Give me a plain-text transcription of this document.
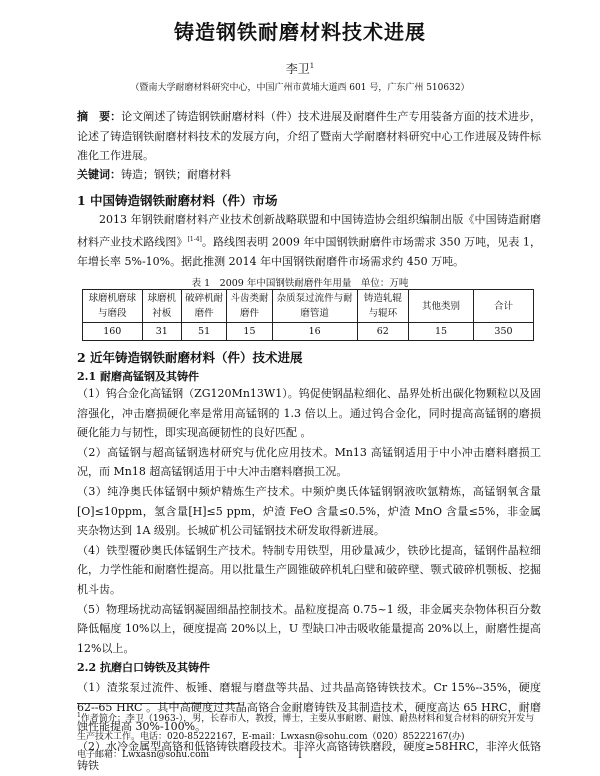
铸造钢铁耐磨材料技术进展
李卫$^1$
（暨南大学耐磨材料研究中心，中国广州市黄埔大道西 601 号，广东广州 510632）
摘　要：论文阐述了铸造钢铁耐磨材料（件）技术进展及耐磨件生产专用装备方面的技术进步，论述了铸造钢铁耐磨材料技术的发展方向，介绍了暨南大学耐磨材料研究中心工作进展及铸件标准化工作进展。
关键词：铸造；钢铁；耐磨材料
1 中国铸造钢铁耐磨材料（件）市场
2013 年钢铁耐磨材料产业技术创新战略联盟和中国铸造协会组织编制出版《中国铸造耐磨材料产业技术路线图》[1-4]。路线图表明 2009 年中国钢铁耐磨件市场需求 350 万吨，见表 1，年增长率 5%-10%。据此推测 2014 年中国钢铁耐磨件市场需求约 450 万吨。
表 1　2009 年中国钢铁耐磨件年用量　单位：万吨
球磨机磨球与磨段	球磨机衬板	破碎机耐磨件	斗齿类耐磨件	杂质泵过流件与耐磨管道	铸造轧辊与辊环	其他类别	合计
160	31	51	15	16	62	15	350
2 近年铸造钢铁耐磨材料（件）技术进展
2.1 耐磨高锰钢及其铸件
（1）钨合金化高锰钢（ZG120Mn13W1）。钨促使钢晶粒细化、晶界处析出碳化物颗粒以及固溶强化，冲击磨损硬化率是常用高锰钢的 1.3 倍以上。通过钨合金化，同时提高高锰钢的磨损硬化能力与韧性，即实现高硬韧性的良好匹配 。
（2）高锰钢与超高锰钢选材研究与优化应用技术。Mn13 高锰钢适用于中小冲击磨料磨损工况，而 Mn18 超高锰钢适用于中大冲击磨料磨损工况。
（3）纯净奥氏体锰钢中频炉精炼生产技术。中频炉奥氏体锰钢钢液吹氩精炼，高锰钢氧含量[O]≤10ppm，氢含量[H]≤5 ppm，炉渣 FeO 含量≤0.5%，炉渣 MnO 含量≤5%，非金属夹杂物达到 1A 级别。长城矿机公司锰钢技术研发取得新进展。
（4）铁型覆砂奥氏体锰钢生产技术。特制专用铁型，用砂量减少，铁砂比提高，锰钢件晶粒细化，力学性能和耐磨性提高。用以批量生产圆锥破碎机轧臼壁和破碎壁、颚式破碎机颚板、挖掘机斗齿。
（5）物理场扰动高锰钢凝固细晶控制技术。晶粒度提高 0.75~1 级，非金属夹杂物体积百分数降低幅度 10%以上，硬度提高 20%以上，U 型缺口冲击吸收能量提高 20%以上，耐磨性提高 12%以上。
2.2 抗磨白口铸铁及其铸件
（1）渣浆泵过流件、板锤、磨辊与磨盘等共晶、过共晶高铬铸铁技术。Cr 15%--35%，硬度 62--65 HRC 。其中高硬度过共晶高铬合金耐磨铸铁及其制造技术，硬度高达 65 HRC，耐磨蚀性能提高 30%-100%。
（2）水冷金属型高铬和低铬铸铁磨段技术。非淬火高铬铸铁磨段，硬度≥58HRC，非淬火低铬铸铁
$^1$作者简介：李卫（1963-），男，长春市人，教授，博士，主要从事耐磨、耐蚀、耐热材料和复合材料的研究开发与生产技术工作。电话：020-85222167，E-mail：Lwxasn@sohu.com（020）85222167(办)
电子邮箱：Lwxasn@sohu.com	I
